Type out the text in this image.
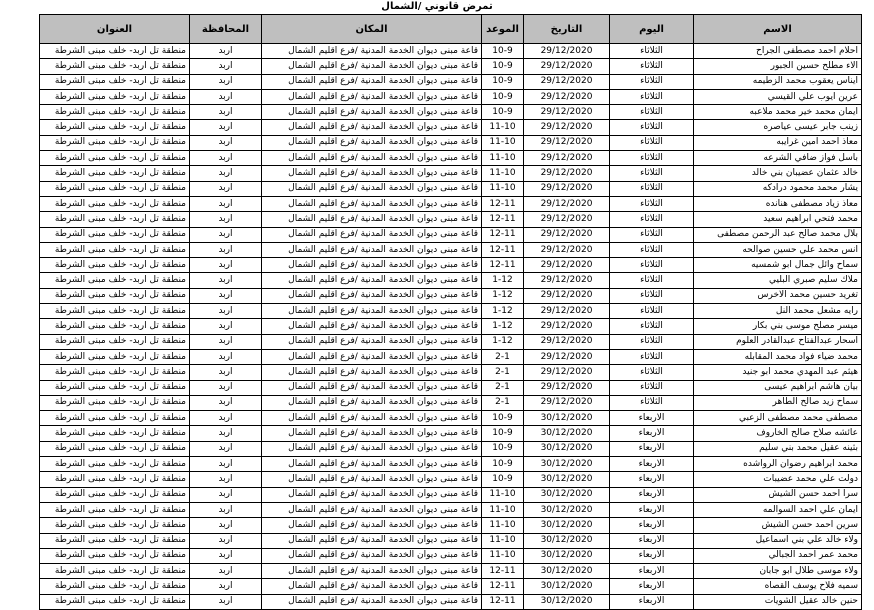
تمرض قانوني /الشمال
الاسم	اليوم	التاريخ	الموعد	المكان	المحافظة	العنوان
احلام احمد مصطفى الجراح	الثلاثاء	29/12/2020	10-9	قاعة مبنى ديوان الخدمة المدنية /فرع اقليم الشمال	اربد	منطقة تل اربد- خلف مبنى الشرطة
الاء مطلح حسين الجبور	الثلاثاء	29/12/2020	10-9	قاعة مبنى ديوان الخدمة المدنية /فرع اقليم الشمال	اربد	منطقة تل اربد- خلف مبنى الشرطة
ايناس يعقوب محمد الزطيمه	الثلاثاء	29/12/2020	10-9	قاعة مبنى ديوان الخدمة المدنية /فرع اقليم الشمال	اربد	منطقة تل اربد- خلف مبنى الشرطة
عرين ايوب علي القيسي	الثلاثاء	29/12/2020	10-9	قاعة مبنى ديوان الخدمة المدنية /فرع اقليم الشمال	اربد	منطقة تل اربد- خلف مبنى الشرطة
ايمان محمد خير محمد ملاعبه	الثلاثاء	29/12/2020	10-9	قاعة مبنى ديوان الخدمة المدنية /فرع اقليم الشمال	اربد	منطقة تل اربد- خلف مبنى الشرطة
زينب جابر عيسى عياصره	الثلاثاء	29/12/2020	11-10	قاعة مبنى ديوان الخدمة المدنية /فرع اقليم الشمال	اربد	منطقة تل اربد- خلف مبنى الشرطة
معاذ احمد امين غرايبه	الثلاثاء	29/12/2020	11-10	قاعة مبنى ديوان الخدمة المدنية /فرع اقليم الشمال	اربد	منطقة تل اربد- خلف مبنى الشرطة
باسل فواز ضافي الشرعه	الثلاثاء	29/12/2020	11-10	قاعة مبنى ديوان الخدمة المدنية /فرع اقليم الشمال	اربد	منطقة تل اربد- خلف مبنى الشرطة
خالد عثمان عضيبان بني خالد	الثلاثاء	29/12/2020	11-10	قاعة مبنى ديوان الخدمة المدنية /فرع اقليم الشمال	اربد	منطقة تل اربد- خلف مبنى الشرطة
يشار محمد محمود درادكه	الثلاثاء	29/12/2020	11-10	قاعة مبنى ديوان الخدمة المدنية /فرع اقليم الشمال	اربد	منطقة تل اربد- خلف مبنى الشرطة
معاذ زياد مصطفى هنانده	الثلاثاء	29/12/2020	12-11	قاعة مبنى ديوان الخدمة المدنية /فرع اقليم الشمال	اربد	منطقة تل اربد- خلف مبنى الشرطة
محمد فتحي ابراهيم سعيد	الثلاثاء	29/12/2020	12-11	قاعة مبنى ديوان الخدمة المدنية /فرع اقليم الشمال	اربد	منطقة تل اربد- خلف مبنى الشرطة
بلال محمد صالح عبد الرحمن مصطفى	الثلاثاء	29/12/2020	12-11	قاعة مبنى ديوان الخدمة المدنية /فرع اقليم الشمال	اربد	منطقة تل اربد- خلف مبنى الشرطة
انس محمد علي حسين صوالحه	الثلاثاء	29/12/2020	12-11	قاعة مبنى ديوان الخدمة المدنية /فرع اقليم الشمال	اربد	منطقة تل اربد- خلف مبنى الشرطة
سماح وائل جمال ابو شمسيه	الثلاثاء	29/12/2020	12-11	قاعة مبنى ديوان الخدمة المدنية /فرع اقليم الشمال	اربد	منطقة تل اربد- خلف مبنى الشرطة
ملاك سليم صبري البليي	الثلاثاء	29/12/2020	1-12	قاعة مبنى ديوان الخدمة المدنية /فرع اقليم الشمال	اربد	منطقة تل اربد- خلف مبنى الشرطة
تغريد حسين محمد الاخرس	الثلاثاء	29/12/2020	1-12	قاعة مبنى ديوان الخدمة المدنية /فرع اقليم الشمال	اربد	منطقة تل اربد- خلف مبنى الشرطة
رايه مشعل محمد النل	الثلاثاء	29/12/2020	1-12	قاعة مبنى ديوان الخدمة المدنية /فرع اقليم الشمال	اربد	منطقة تل اربد- خلف مبنى الشرطة
ميسر مصلح موسى بني بكار	الثلاثاء	29/12/2020	1-12	قاعة مبنى ديوان الخدمة المدنية /فرع اقليم الشمال	اربد	منطقة تل اربد- خلف مبنى الشرطة
اسحار عبدالفتاح عبدالقادر العلوم	الثلاثاء	29/12/2020	1-12	قاعة مبنى ديوان الخدمة المدنية /فرع اقليم الشمال	اربد	منطقة تل اربد- خلف مبنى الشرطة
محمد ضياء فواد محمد المقابله	الثلاثاء	29/12/2020	2-1	قاعة مبنى ديوان الخدمة المدنية /فرع اقليم الشمال	اربد	منطقة تل اربد- خلف مبنى الشرطة
هيثم عبد المهدي محمد ابو جنيد	الثلاثاء	29/12/2020	2-1	قاعة مبنى ديوان الخدمة المدنية /فرع اقليم الشمال	اربد	منطقة تل اربد- خلف مبنى الشرطة
بيان هاشم ابراهيم عيسى	الثلاثاء	29/12/2020	2-1	قاعة مبنى ديوان الخدمة المدنية /فرع اقليم الشمال	اربد	منطقة تل اربد- خلف مبنى الشرطة
سماح زيد صالح الطاهر	الثلاثاء	29/12/2020	2-1	قاعة مبنى ديوان الخدمة المدنية /فرع اقليم الشمال	اربد	منطقة تل اربد- خلف مبنى الشرطة
مصطفى محمد مصطفى الزعبي	الاربعاء	30/12/2020	10-9	قاعة مبنى ديوان الخدمة المدنية /فرع اقليم الشمال	اربد	منطقة تل اربد- خلف مبنى الشرطة
عائشه صلاح صالح الخاروف	الاربعاء	30/12/2020	10-9	قاعة مبنى ديوان الخدمة المدنية /فرع اقليم الشمال	اربد	منطقة تل اربد- خلف مبنى الشرطة
بثينه عقيل محمد بني سليم	الاربعاء	30/12/2020	10-9	قاعة مبنى ديوان الخدمة المدنية /فرع اقليم الشمال	اربد	منطقة تل اربد- خلف مبنى الشرطة
محمد ابراهيم رضوان الرواشده	الاربعاء	30/12/2020	10-9	قاعة مبنى ديوان الخدمة المدنية /فرع اقليم الشمال	اربد	منطقة تل اربد- خلف مبنى الشرطة
دولت علي محمد عضيبات	الاربعاء	30/12/2020	10-9	قاعة مبنى ديوان الخدمة المدنية /فرع اقليم الشمال	اربد	منطقة تل اربد- خلف مبنى الشرطة
سرا احمد حسن الشيش	الاربعاء	30/12/2020	11-10	قاعة مبنى ديوان الخدمة المدنية /فرع اقليم الشمال	اربد	منطقة تل اربد- خلف مبنى الشرطة
ايمان علي احمد السوالمه	الاربعاء	30/12/2020	11-10	قاعة مبنى ديوان الخدمة المدنية /فرع اقليم الشمال	اربد	منطقة تل اربد- خلف مبنى الشرطة
سرين احمد حسن الشيش	الاربعاء	30/12/2020	11-10	قاعة مبنى ديوان الخدمة المدنية /فرع اقليم الشمال	اربد	منطقة تل اربد- خلف مبنى الشرطة
ولاء خالد علي بني اسماعيل	الاربعاء	30/12/2020	11-10	قاعة مبنى ديوان الخدمة المدنية /فرع اقليم الشمال	اربد	منطقة تل اربد- خلف مبنى الشرطة
محمد عمر احمد الجبالي	الاربعاء	30/12/2020	11-10	قاعة مبنى ديوان الخدمة المدنية /فرع اقليم الشمال	اربد	منطقة تل اربد- خلف مبنى الشرطة
ولاء موسى طلال ابو جابان	الاربعاء	30/12/2020	12-11	قاعة مبنى ديوان الخدمة المدنية /فرع اقليم الشمال	اربد	منطقة تل اربد- خلف مبنى الشرطة
سميه فلاح يوسف القصاه	الاربعاء	30/12/2020	12-11	قاعة مبنى ديوان الخدمة المدنية /فرع اقليم الشمال	اربد	منطقة تل اربد- خلف مبنى الشرطة
حنين خالد عقيل الشويات	الاربعاء	30/12/2020	12-11	قاعة مبنى ديوان الخدمة المدنية /فرع اقليم الشمال	اربد	منطقة تل اربد- خلف مبنى الشرطة
